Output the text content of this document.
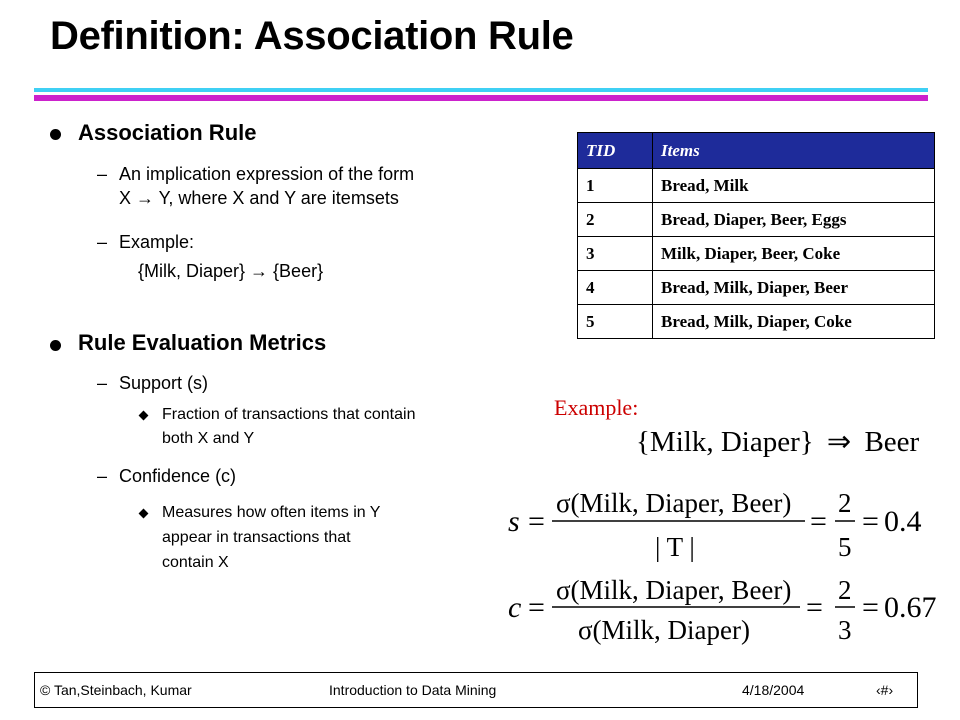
Definition: Association Rule
Association Rule
– An implication expression of the form
X → Y, where X and Y are itemsets
– Example:
{Milk, Diaper} → {Beer}
Rule Evaluation Metrics
– Support (s)
Fraction of transactions that contain
both X and Y
– Confidence (c)
Measures how often items in Y
appear in transactions that
contain X
TID	Items
1	Bread, Milk
2	Bread, Diaper, Beer, Eggs
3	Milk, Diaper, Beer, Coke
4	Bread, Milk, Diaper, Beer
5	Bread, Milk, Diaper, Coke
Example:
{Milk, Diaper} ⇒ Beer
s =
σ(Milk, Diaper, Beer)
| T |
=
2
5
= 0.4
c =
σ(Milk, Diaper, Beer)
σ(Milk, Diaper)
=
2
3
= 0.67
© Tan,Steinbach, Kumar	Introduction to Data Mining	4/18/2004	‹#›
